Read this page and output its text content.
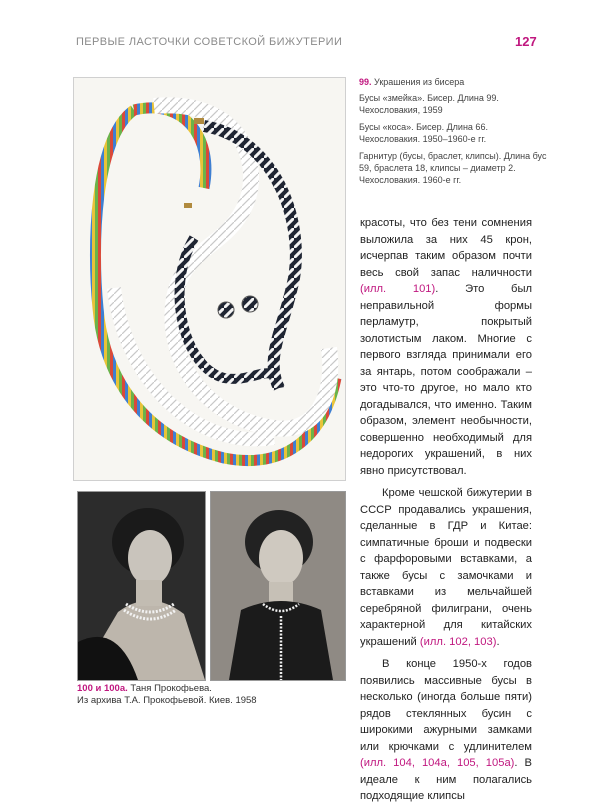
ПЕРВЫЕ ЛАСТОЧКИ СОВЕТСКОЙ БИЖУТЕРИИ	127

99. Украшения из бисера

Бусы «змейка». Бисер. Длина 99. Чехословакия, 1959

Бусы «коса». Бисер. Длина 66. Чехословакия. 1950–1960-е гг.

Гарнитур (бусы, браслет, клипсы). Длина бус 59, браслета 18, клипсы – диаметр 2. Чехословакия. 1960-е гг.

100 и 100а. Таня Прокофьева.
Из архива Т.А. Прокофьевой. Киев. 1958

красоты, что без тени сомнения выложила за них 45 крон, исчерпав таким образом почти весь свой запас наличности (илл. 101). Это был неправильной формы перламутр, покрытый золотистым лаком. Многие с первого взгляда принимали его за янтарь, потом соображали – это что-то другое, но мало кто догадывался, что именно. Таким образом, элемент необычности, совершенно необходимый для недорогих украшений, в них явно присутствовал.

Кроме чешской бижутерии в СССР продавались украшения, сделанные в ГДР и Китае: симпатичные броши и подвески с фарфоровыми вставками, а также бусы с замочками и вставками из мельчайшей серебряной филиграни, очень характерной для китайских украшений (илл. 102, 103).

В конце 1950-х годов появились массивные бусы в несколько (иногда больше пяти) рядов стеклянных бусин с широкими ажурными замками или крючками с удлинителем (илл. 104, 104а, 105, 105а). В идеале к ним полагались подходящие клипсы
